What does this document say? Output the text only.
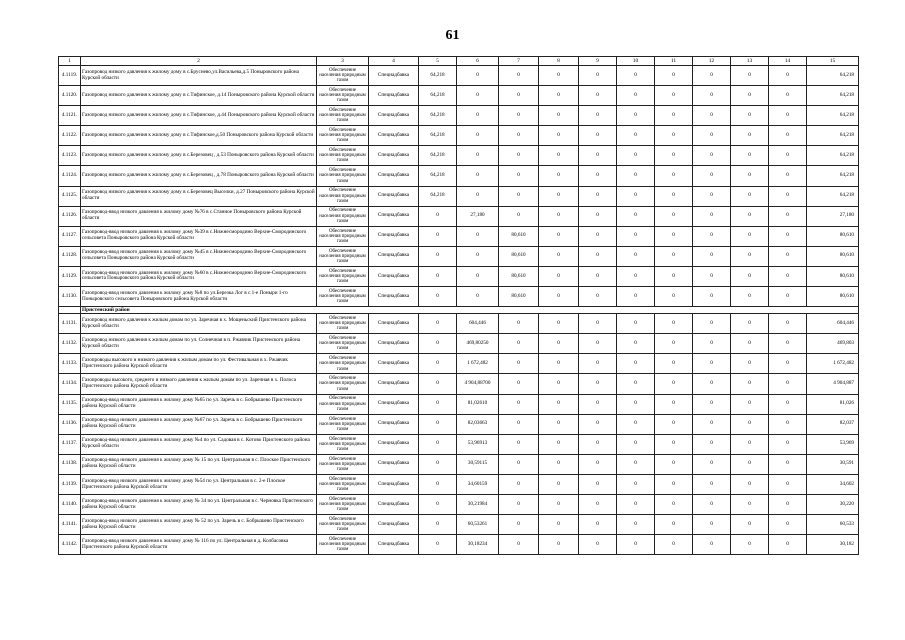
61
1	2	3	4	5	6	7	8	9	10	11	12	13	14	15
4.1119.	Газопровод низкого давления к жилому дому в с.Бруснево,ул.Васильева,д.5 Поныровского района Курской области	Обеспечение населения природным газом	Спецнадбавка	64,218	0	0	0	0	0	0	0	0	0	64,218
4.1120.	Газопровод низкого давления к жилому дому в с.Тифинское, д.14 Поныровского района Курской области	Обеспечение населения природным газом	Спецнадбавка	64,218	0	0	0	0	0	0	0	0	0	64,218
4.1121.	Газопровод низкого давления к жилому дому в с.Тифинское, д.44 Поныровского района Курской области	Обеспечение населения природным газом	Спецнадбавка	64,218	0	0	0	0	0	0	0	0	0	64,218
4.1122.	Газопровод низкого давления к жилому дому в с.Тифинское,д.50 Поныровского района Курской области	Обеспечение населения природным газом	Спецнадбавка	64,218	0	0	0	0	0	0	0	0	0	64,218
4.1123.	Газопровод низкого давления к жилому дому в с.Березовец , д.53 Поныровского района Курской области	Обеспечение населения природным газом	Спецнадбавка	64,218	0	0	0	0	0	0	0	0	0	64,218
4.1124.	Газопровод низкого давления к жилому дому в с.Березовец , д.78 Поныровского района Курской области	Обеспечение населения природным газом	Спецнадбавка	64,218	0	0	0	0	0	0	0	0	0	64,218
4.1125.	Газопровод низкого давления к жилому дому в с.Березовец Выселки, д.27 Поныровского района Курской области	Обеспечение населения природным газом	Спецнадбавка	64,218	0	0	0	0	0	0	0	0	0	64,218
4.1126.	Газопровод-ввод низкого давления к жилому дому №76 в с.Станное Поныровского района Курской области	Обеспечение населения природным газом	Спецнадбавка	0	27,180	0	0	0	0	0	0	0	0	27,180
4.1127.	Газопровод-ввод низкого давления к жилому дому №39 в с.Нижнесмородино Верхне-Смородинского сельсовета Поныровского района Курской области	Обеспечение населения природным газом	Спецнадбавка	0	0	80,610	0	0	0	0	0	0	0	80,610
4.1128.	Газопровод-ввод низкого давления к жилому дому №45 в с.Нижнесмородино Верхне-Смородинского сельсовета Поныровского района Курской области	Обеспечение населения природным газом	Спецнадбавка	0	0	80,610	0	0	0	0	0	0	0	80,610
4.1129.	Газопровод-ввод низкого давления к жилому дому №60 в с.Нижнесмородино Верхне-Смородинского сельсовета Поныровского района Курской области	Обеспечение населения природным газом	Спецнадбавка	0	0	80,610	0	0	0	0	0	0	0	80,610
4.1130.	Газопровод-ввод низкого давления к жилому дому №8 по ул.Березка Лог в с.1-е Поныри 1-го Поныровского сельсовета Поныровского района Курской области	Обеспечение населения природным газом	Спецнадбавка	0	0	80,610	0	0	0	0	0	0	0	80,610
	Пристенский район													
4.1131.	Газопровод низкого давления к жилым домам по ул. Заречная в х. Мощеньский Пристенского района Курской области	Обеспечение населения природным газом	Спецнадбавка	0	604,446	0	0	0	0	0	0	0	0	604,446
4.1132.	Газопровод низкого давления к жилым домам по ул. Солнечная в п. Ржавчик Пристенского района Курской области	Обеспечение населения природным газом	Спецнадбавка	0	469,80250	0	0	0	0	0	0	0	0	469,803
4.1133.	Газопроводы высокого и низкого давления к жилым домам по ул. Фестивальная в х. Ржавчик Пристенского района Курской области	Обеспечение населения природным газом	Спецнадбавка	0	1 672,482	0	0	0	0	0	0	0	0	1 672,482
4.1134.	Газопроводы высокого, среднего и низкого давления к жилым домам по ул. Заречная в х. Полоса Пристенского района Курской области	Обеспечение населения природным газом	Спецнадбавка	0	4 904,88700	0	0	0	0	0	0	0	0	4 904,887
4.1135.	Газопровод-ввод низкого давления к жилому дому №65 по ул. Заречь в с. Бобрышево Пристенского района Курской области	Обеспечение населения природным газом	Спецнадбавка	0	81,02610	0	0	0	0	0	0	0	0	81,026
4.1136.	Газопровод-ввод низкого давления к жилому дому №67 по ул. Заречь в с. Бобрышево Пристенского района Курской области	Обеспечение населения природным газом	Спецнадбавка	0	82,03663	0	0	0	0	0	0	0	0	82,037
4.1137.	Газопровод-ввод низкого давления к жилому дому №4 по ул. Садовая в с. Котово Пристенского района Курской области	Обеспечение населения природным газом	Спецнадбавка	0	53,96913	0	0	0	0	0	0	0	0	53,969
4.1138.	Газопровод-ввод низкого давления к жилому дому № 15 по ул. Центральная в с. Плоское Пристенского района Курской области	Обеспечение населения природным газом	Спецнадбавка	0	30,59115	0	0	0	0	0	0	0	0	30,591
4.1139.	Газопровод-ввод низкого давления к жилому дому №54 по ул. Центральная в с. 2-е Плоское Пристенского района Курской области	Обеспечение населения природным газом	Спецнадбавка	0	34,60159	0	0	0	0	0	0	0	0	34,602
4.1140.	Газопровод-ввод низкого давления к жилому дому № 34 по ул. Центральная в с. Черновка Пристенского района Курской области	Обеспечение населения природным газом	Спецнадбавка	0	30,21984	0	0	0	0	0	0	0	0	30,220
4.1141.	Газопровод-ввод низкого давления к жилому дому № 52 по ул. Заречь в с. Бобрышево Пристенского района Курской области	Обеспечение населения природным газом	Спецнадбавка	0	60,53261	0	0	0	0	0	0	0	0	60,533
4.1142.	Газопровод-ввод низкого давления к жилому дому № 116 по ул. Центральная в д. Колбасовка Пристенского района Курской области	Обеспечение населения природным газом	Спецнадбавка	0	30,18234	0	0	0	0	0	0	0	0	30,182
